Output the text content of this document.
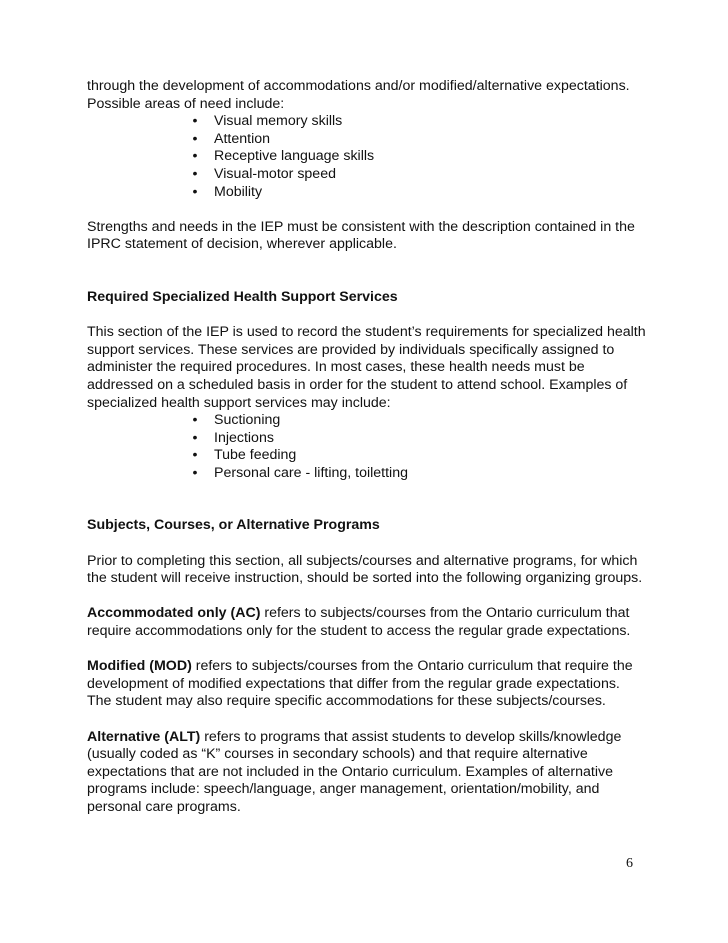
through the development of accommodations and/or modified/alternative expectations.
Possible areas of need include:

•	Visual memory skills
•	Attention
•	Receptive language skills
•	Visual-motor speed
•	Mobility

Strengths and needs in the IEP must be consistent with the description contained in the IPRC statement of decision, wherever applicable.

Required Specialized Health Support Services

This section of the IEP is used to record the student’s requirements for specialized health support services. These services are provided by individuals specifically assigned to administer the required procedures. In most cases, these health needs must be addressed on a scheduled basis in order for the student to attend school. Examples of specialized health support services may include:

•	Suctioning
•	Injections
•	Tube feeding
•	Personal care - lifting, toiletting

Subjects, Courses, or Alternative Programs

Prior to completing this section, all subjects/courses and alternative programs, for which the student will receive instruction, should be sorted into the following organizing groups.

Accommodated only (AC) refers to subjects/courses from the Ontario curriculum that require accommodations only for the student to access the regular grade expectations.

Modified (MOD) refers to subjects/courses from the Ontario curriculum that require the development of modified expectations that differ from the regular grade expectations. The student may also require specific accommodations for these subjects/courses.

Alternative (ALT) refers to programs that assist students to develop skills/knowledge (usually coded as “K” courses in secondary schools) and that require alternative expectations that are not included in the Ontario curriculum. Examples of alternative programs include: speech/language, anger management, orientation/mobility, and personal care programs.

6
